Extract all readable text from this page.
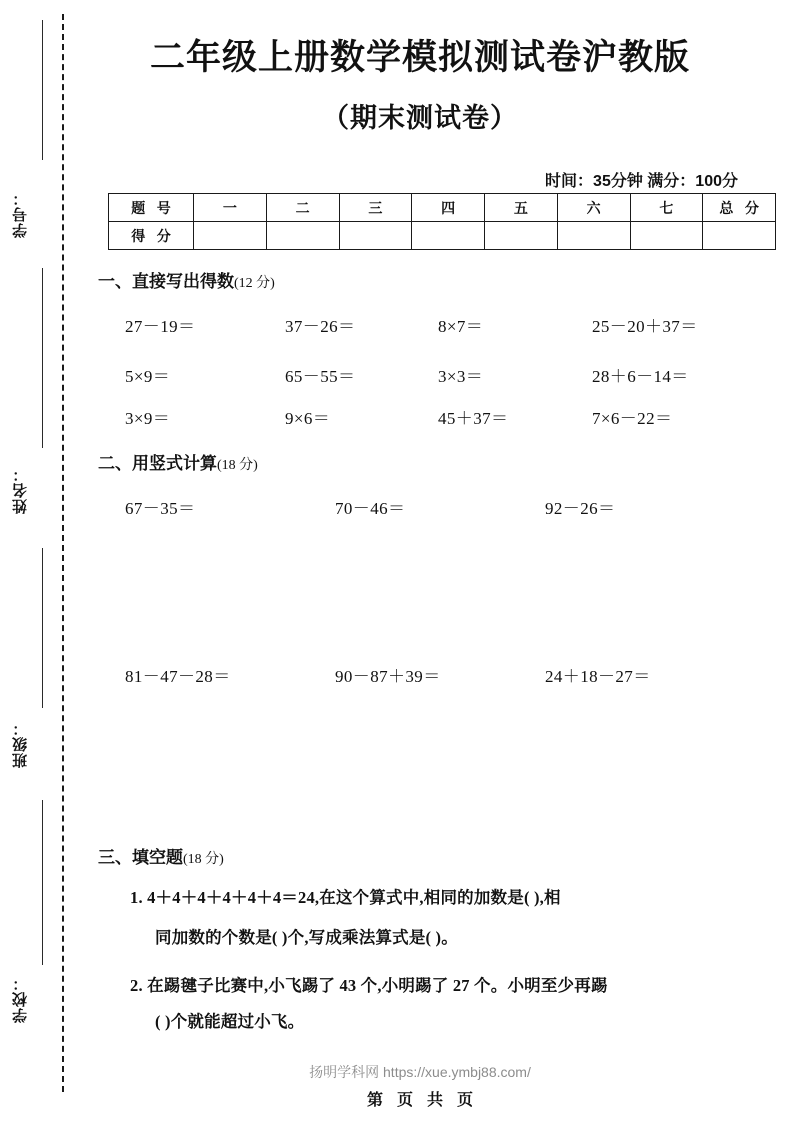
学号：
姓名：
班级：
学校：
二年级上册数学模拟测试卷沪教版
（期末测试卷）
时间：35分钟 满分：100分
题 号	一	二	三	四	五	六	七	总 分
得 分								
一、直接写出得数(12 分)
27－19＝	37－26＝	8×7＝	25－20＋37＝
5×9＝	65－55＝	3×3＝	28＋6－14＝
3×9＝	9×6＝	45＋37＝	7×6－22＝
二、用竖式计算(18 分)
67－35＝	70－46＝	92－26＝
81－47－28＝	90－87＋39＝	24＋18－27＝
三、填空题(18 分)
1. 4＋4＋4＋4＋4＋4＝24,在这个算式中,相同的加数是( ),相
同加数的个数是( )个,写成乘法算式是( )。
2. 在踢毽子比赛中,小飞踢了 43 个,小明踢了 27 个。小明至少再踢
( )个就能超过小飞。
扬明学科网 https://xue.ymbj88.com/
第 页 共 页
